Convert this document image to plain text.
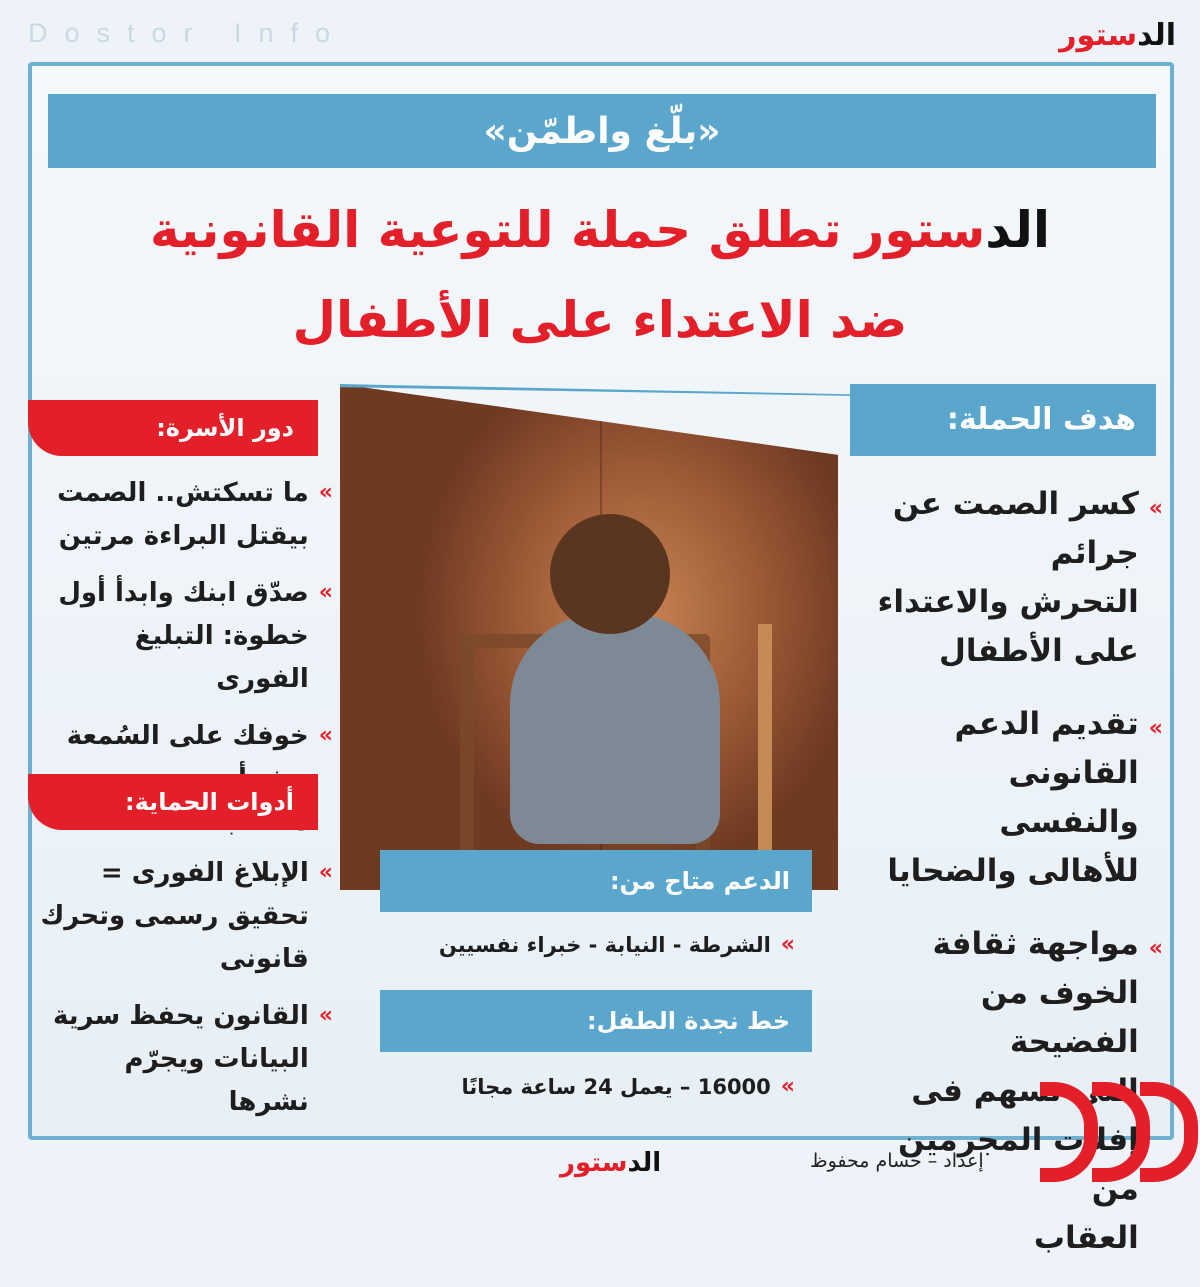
Dostor Info	الدستور
«بلّغ واطمّن»
الدستور
تطلق حملة للتوعية القانونية
ضد الاعتداء على الأطفال
هدف الحملة:
»
كسر الصمت عن جرائم
التحرش والاعتداء
على الأطفال
»
تقديم الدعم
القانونى والنفسى
للأهالى والضحايا
»
مواجهة ثقافة
الخوف من الفضيحة
التي تسهم فى
إفلات المجرمين من
العقاب
دور الأسرة:
»
ما تسكتش.. الصمت
بيقتل البراءة مرتين
»
صدّق ابنك وابدأ أول
خطوة: التبليغ الفورى
»
خوفك على السُمعة

أدوات الحماية:
»
الإبلاغ الفورى =
تحقيق رسمى وتحرك
قانونى
»
القانون يحفظ سرية
البيانات ويجرّم نشرها
الدعم متاح من:
»
الشرطة - النيابة - خبراء نفسيين
خط نجدة الطفل:
»
16000 – يعمل 24 ساعة مجانًا
إعداد – حسام محفوظ
الدستور
